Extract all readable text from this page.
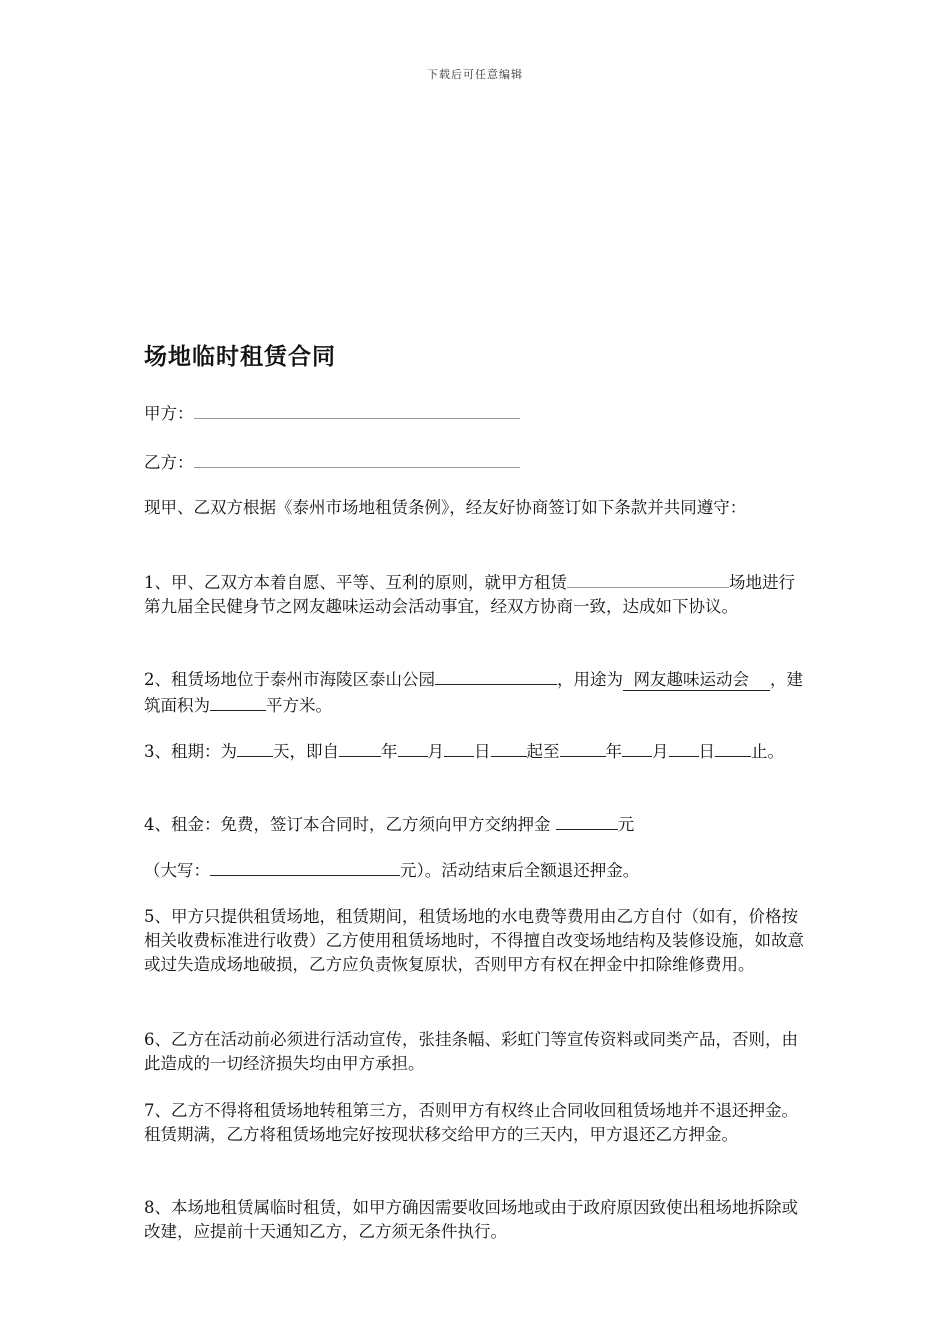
下载后可任意编辑
场地临时租赁合同

甲方：

乙方：

现甲、乙双方根据《泰州市场地租赁条例》，经友好协商签订如下条款并共同遵守：

1、甲、乙双方本着自愿、平等、互利的原则，就甲方租赁	场地进行第九届全民健身节之网友趣味运动会活动事宜，经双方协商一致，达成如下协议。

2、租赁场地位于泰州市海陵区泰山公园	，用途为  网友趣味运动会    ，建筑面积为	平方米。

3、租期：为 天，即自	年 月 日 起至	年 月 日 止。

4、租金：免费，签订本合同时，乙方须向甲方交纳押金	元

（大写：	元）。活动结束后全额退还押金。

5、甲方只提供租赁场地，租赁期间，租赁场地的水电费等费用由乙方自付（如有，价格按相关收费标准进行收费）乙方使用租赁场地时，不得擅自改变场地结构及装修设施，如故意或过失造成场地破损，乙方应负责恢复原状，否则甲方有权在押金中扣除维修费用。

6、乙方在活动前必须进行活动宣传，张挂条幅、彩虹门等宣传资料或同类产品，否则，由此造成的一切经济损失均由甲方承担。

7、乙方不得将租赁场地转租第三方，否则甲方有权终止合同收回租赁场地并不退还押金。租赁期满，乙方将租赁场地完好按现状移交给甲方的三天内，甲方退还乙方押金。

8、本场地租赁属临时租赁，如甲方确因需要收回场地或由于政府原因致使出租场地拆除或改建，应提前十天通知乙方，乙方须无条件执行。
